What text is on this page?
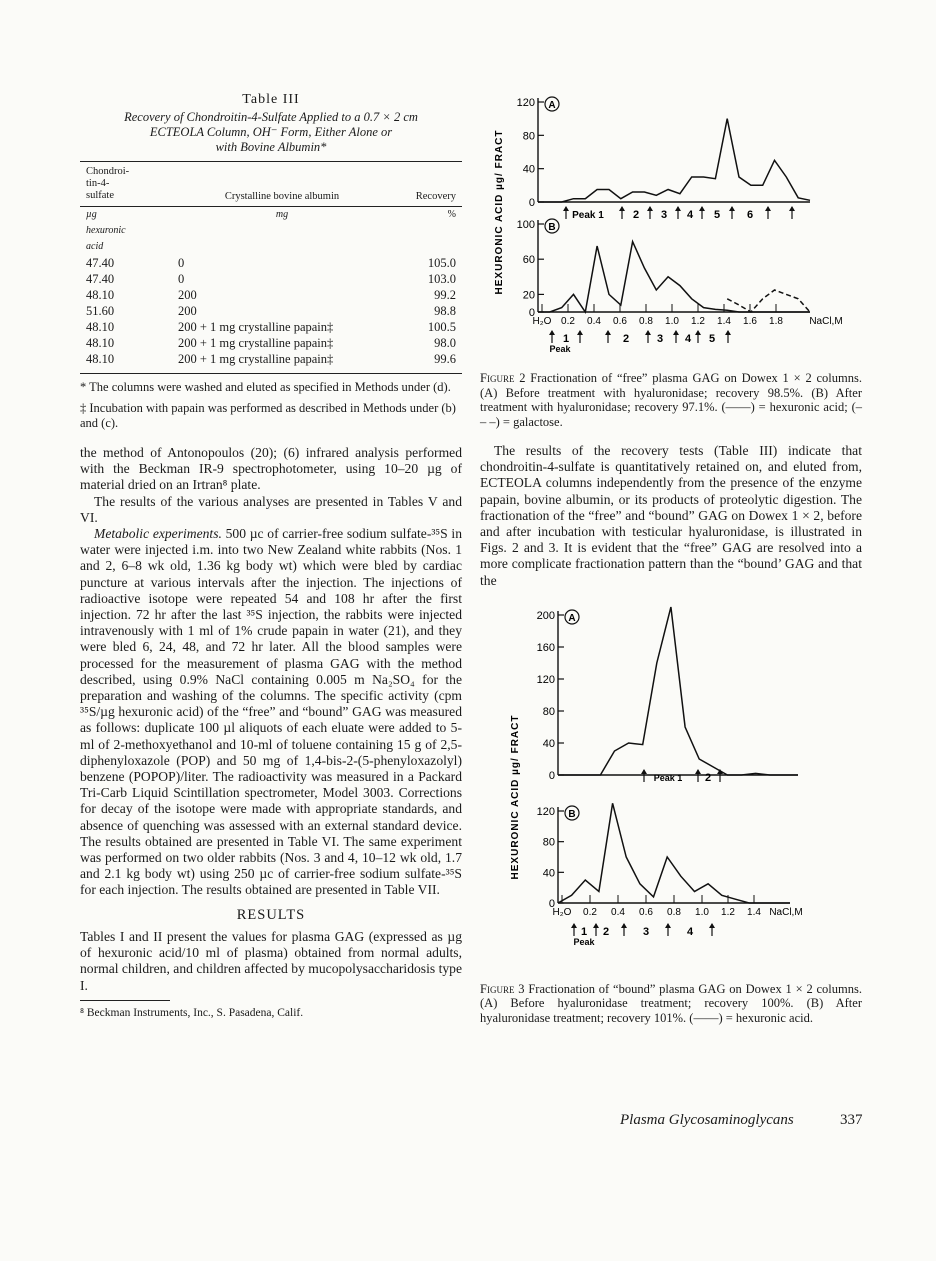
Table III
Recovery of Chondroitin-4-Sulfate Applied to a 0.7 × 2 cm
ECTEOLA Column, OH⁻ Form, Either Alone or
with Bovine Albumin*
Chondroi-
tin-4-
sulfate	Crystalline bovine albumin	Recovery
µg
hexuronic
acid	mg	%
47.40	0	105.0
47.40	0	103.0
48.10	200	99.2
51.60	200	98.8
48.10	200 + 1 mg crystalline papain‡	100.5
48.10	200 + 1 mg crystalline papain‡	98.0
48.10	200 + 1 mg crystalline papain‡	99.6

* The columns were washed and eluted as specified in Methods under (d).
‡ Incubation with papain was performed as described in Methods under (b) and (c).

the method of Antonopoulos (20); (6) infrared analysis performed with the Beckman IR-9 spectrophotometer, using 10–20 µg of material dried on an Irtran⁸ plate.

The results of the various analyses are presented in Tables V and VI.

Metabolic experiments. 500 µc of carrier-free sodium sulfate-³⁵S in water were injected i.m. into two New Zealand white rabbits (Nos. 1 and 2, 6–8 wk old, 1.36 kg body wt) which were bled by cardiac puncture at various intervals after the injection. The injections of radioactive isotope were repeated 54 and 108 hr after the first injection. 72 hr after the last ³⁵S injection, the rabbits were injected intravenously with 1 ml of 1% crude papain in water (21), and they were bled 6, 24, 48, and 72 hr later. All the blood samples were processed for the measurement of plasma GAG with the method described, using 0.9% NaCl containing 0.005 m Na₂SO₄ for the preparation and washing of the columns. The specific activity (cpm ³⁵S/µg hexuronic acid) of the “free” and “bound” GAG was measured as follows: duplicate 100 µl aliquots of each eluate were added to 5-ml of 2-methoxyethanol and 10-ml of toluene containing 15 g of 2,5-diphenyloxazole (POP) and 50 mg of 1,4-bis-2-(5-phenyloxazolyl) benzene (POPOP)/liter. The radioactivity was measured in a Packard Tri-Carb Liquid Scintillation spectrometer, Model 3003. Corrections for decay of the isotope were made with appropriate standards, and absence of quenching was assessed with an external standard device. The results obtained are presented in Table VI. The same experiment was performed on two older rabbits (Nos. 3 and 4, 10–12 wk old, 1.7 and 2.1 kg body wt) using 250 µc of carrier-free sodium sulfate-³⁵S for each injection. The results obtained are presented in Table VII.

RESULTS

Tables I and II present the values for plasma GAG (expressed as µg of hexuronic acid/10 ml of plasma) obtained from normal adults, normal children, and children affected by mucopolysaccharidosis type I.

⁸ Beckman Instruments, Inc., S. Pasadena, Calif.
HEXURONIC ACID µg/ FRACT
120
80
40
0
A
Peak 1	2 3 4 5 6
100
60
20
0
B
H₂O 0.2 0.4 0.6 0.8 1.0 1.2 1.4 1.6 1.8	NaCl,M
1	2	3 4 5
Peak
Figure 2 Fractionation of “free” plasma GAG on Dowex 1 × 2 columns. (A) Before treatment with hyaluronidase; recovery 98.5%. (B) After treatment with hyaluronidase; recovery 97.1%. (——) = hexuronic acid; (– – –) = galactose.

The results of the recovery tests (Table III) indicate that chondroitin-4-sulfate is quantitatively retained on, and eluted from, ECTEOLA columns independently from the presence of the enzyme papain, bovine albumin, or its products of proteolytic digestion. The fractionation of the “free” and “bound” GAG on Dowex 1 × 2, before and after incubation with testicular hyaluronidase, is illustrated in Figs. 2 and 3. It is evident that the “free” GAG are resolved into a more complicate fractionation pattern than the “bound’ GAG and that the

HEXURONIC ACID µg/ FRACT
200
160
120
80
40
0
A
Peak 1 2
120
80
40
0
B
H₂O 0.2 0.4 0.6 0.8 1.0 1.2 1.4 NaCl,M
1 2	3	4
Peak
Figure 3 Fractionation of “bound” plasma GAG on Dowex 1 × 2 columns. (A) Before hyaluronidase treatment; recovery 100%. (B) After hyaluronidase treatment; recovery 101%. (——) = hexuronic acid.
Plasma Glycosaminoglycans	337
